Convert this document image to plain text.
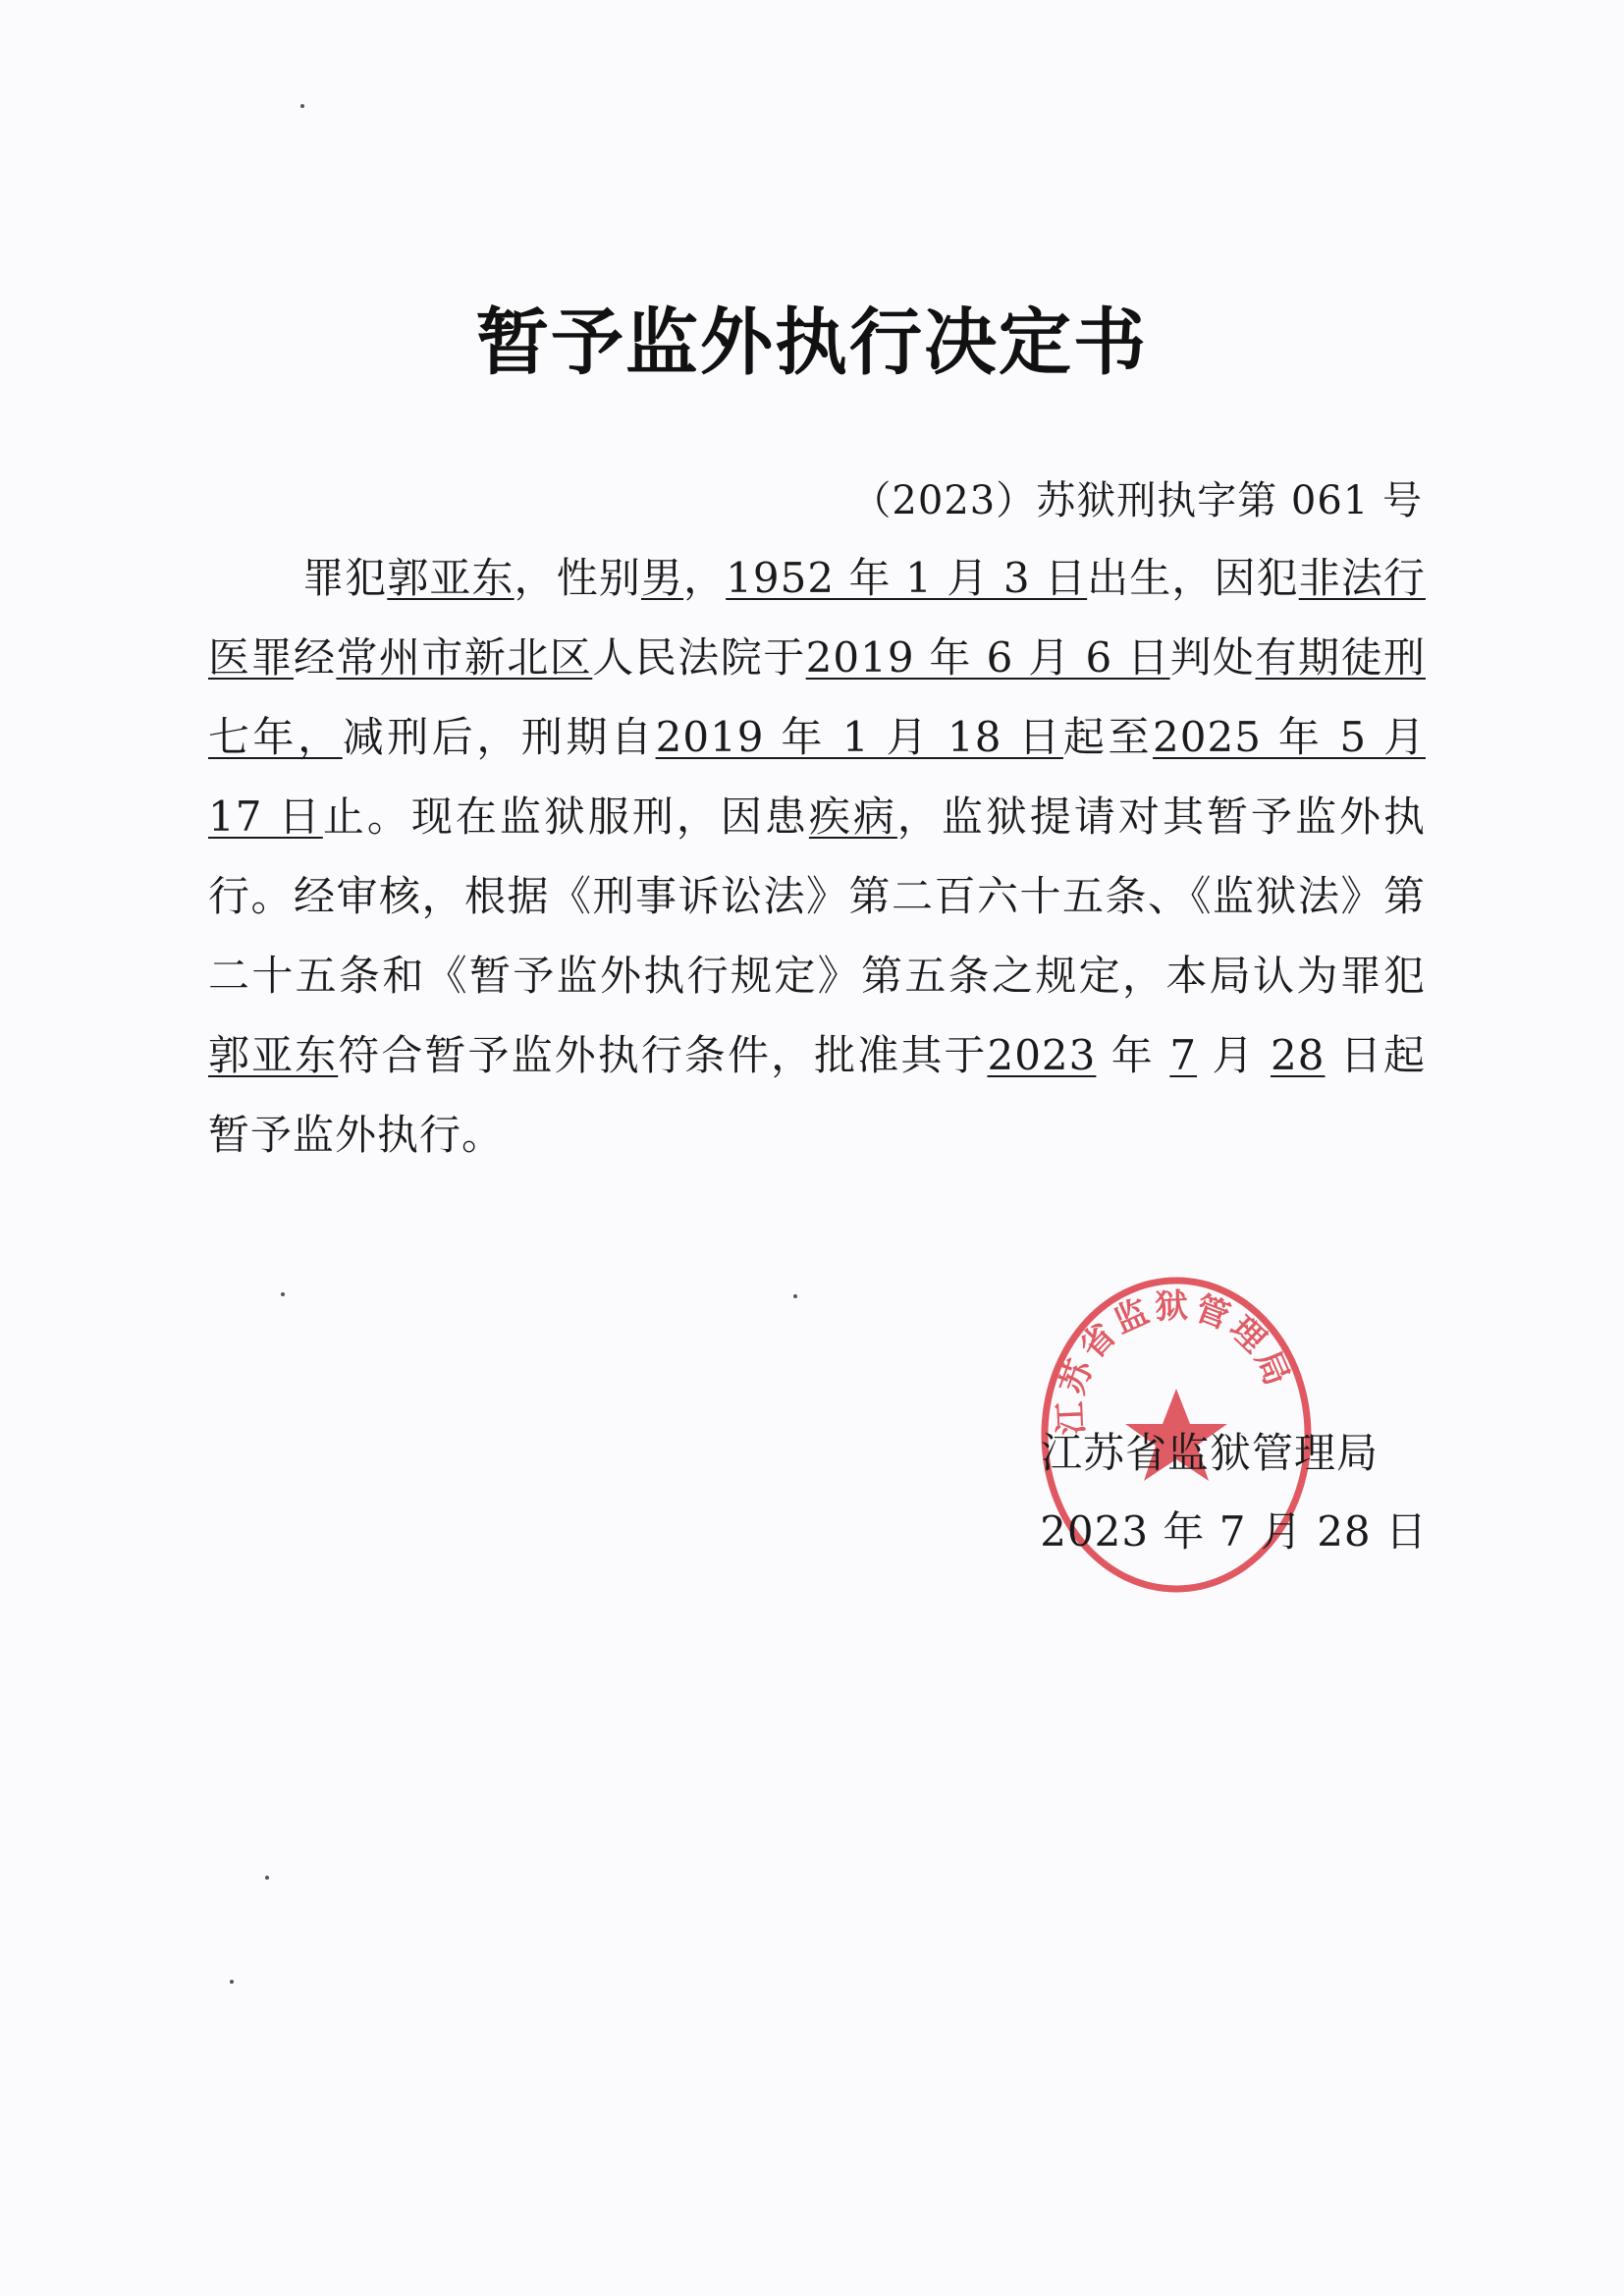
暂予监外执行决定书
（2023）苏狱刑执字第 061 号
罪犯郭亚东，性别男，1952 年 1 月 3 日出生，因犯非法行医罪经常州市新北区人民法院于2019 年 6 月 6 日判处有期徒刑七年，减刑后，刑期自2019 年 1 月 18 日起至2025 年 5 月 17 日止。现在监狱服刑，因患疾病，监狱提请对其暂予监外执行。经审核，根据《刑事诉讼法》第二百六十五条、《监狱法》第二十五条和《暂予监外执行规定》第五条之规定，本局认为罪犯郭亚东符合暂予监外执行条件，批准其于2023 年 7 月 28 日起暂予监外执行。
江苏省监狱管理局
江苏省监狱管理局
2023 年 7 月 28 日
